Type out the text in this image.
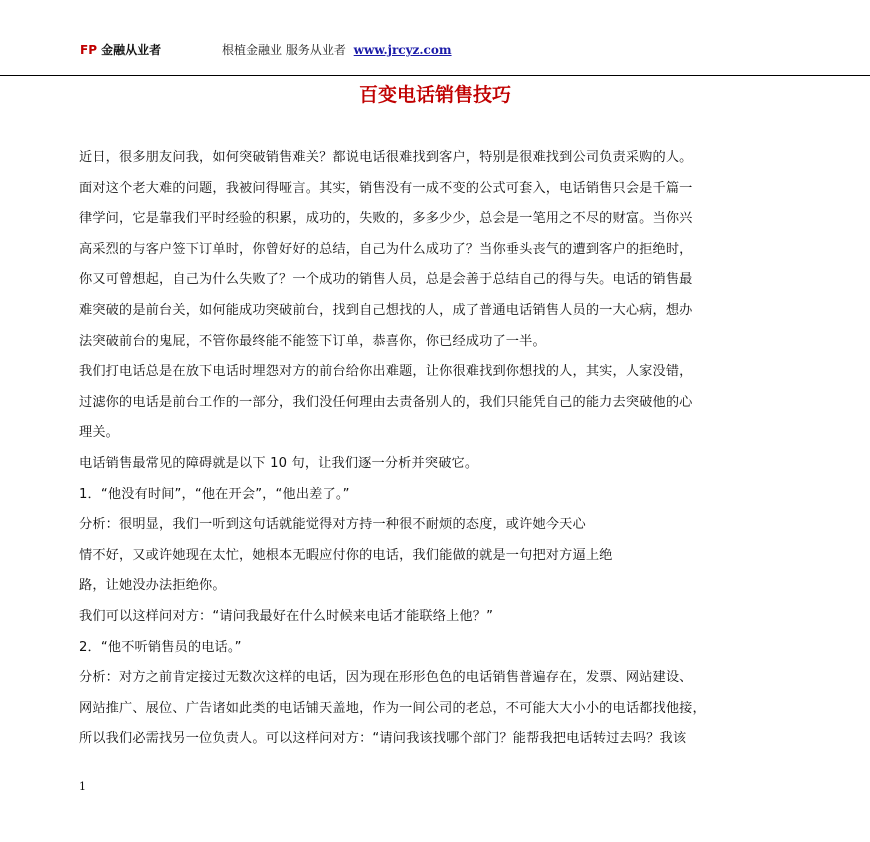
FP 金融从业者	根植金融业 服务从业者 www.jrcyz.com
百变电话销售技巧
近日，很多朋友问我，如何突破销售难关？都说电话很难找到客户，特别是很难找到公司负责采购的人。
面对这个老大难的问题，我被问得哑言。其实，销售没有一成不变的公式可套入，电话销售只会是千篇一
律学问，它是靠我们平时经验的积累，成功的，失败的，多多少少，总会是一笔用之不尽的财富。当你兴
高采烈的与客户签下订单时，你曾好好的总结，自己为什么成功了？当你垂头丧气的遭到客户的拒绝时，
你又可曾想起，自己为什么失败了？一个成功的销售人员，总是会善于总结自己的得与失。电话的销售最
难突破的是前台关，如何能成功突破前台，找到自己想找的人，成了普通电话销售人员的一大心病，想办
法突破前台的鬼屁，不管你最终能不能签下订单，恭喜你，你已经成功了一半。
我们打电话总是在放下电话时埋怨对方的前台给你出难题，让你很难找到你想找的人，其实，人家没错，
过滤你的电话是前台工作的一部分，我们没任何理由去责备别人的，我们只能凭自己的能力去突破他的心
理关。
电话销售最常见的障碍就是以下 10 句，让我们逐一分析并突破它。
1．“他没有时间”，“他在开会”，“他出差了。”
分析：很明显，我们一听到这句话就能觉得对方持一种很不耐烦的态度，或许她今天心
情不好，又或许她现在太忙，她根本无暇应付你的电话，我们能做的就是一句把对方逼上绝
路，让她没办法拒绝你。
我们可以这样问对方：“请问我最好在什么时候来电话才能联络上他？”
2．“他不听销售员的电话。”
分析：对方之前肯定接过无数次这样的电话，因为现在形形色色的电话销售普遍存在，发票、网站建设、
网站推广、展位、广告诸如此类的电话铺天盖地，作为一间公司的老总，不可能大大小小的电话都找他接，
所以我们必需找另一位负责人。可以这样问对方：“请问我该找哪个部门？能帮我把电话转过去吗？我该
1
